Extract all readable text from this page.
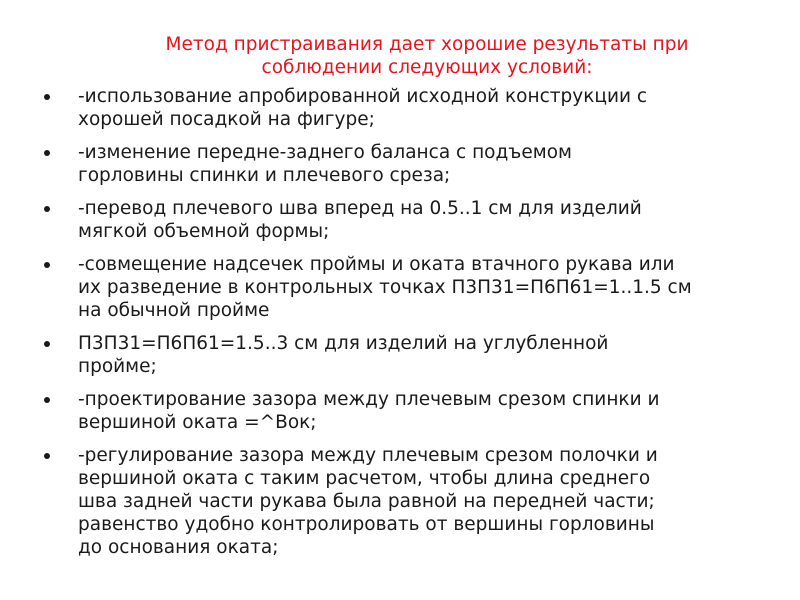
Метод пристраивания дает хорошие результаты при
соблюдении следующих условий:
-использование апробированной исходной конструкции с
хорошей посадкой на фигуре;
-изменение передне-заднего баланса с подъемом
горловины спинки и плечевого среза;
-перевод плечевого шва вперед на 0.5..1 см для изделий
мягкой объемной формы;
-совмещение надсечек проймы и оката втачного рукава или
их разведение в контрольных точках П3П31=П6П61=1..1.5 см
на обычной пройме
П3П31=П6П61=1.5..3 см для изделий на углубленной
пройме;
-проектирование зазора между плечевым срезом спинки и
вершиной оката =^Вок;
-регулирование зазора между плечевым срезом полочки и
вершиной оката с таким расчетом, чтобы длина среднего
шва задней части рукава была равной на передней части;
равенство удобно контролировать от вершины горловины
до основания оката;
